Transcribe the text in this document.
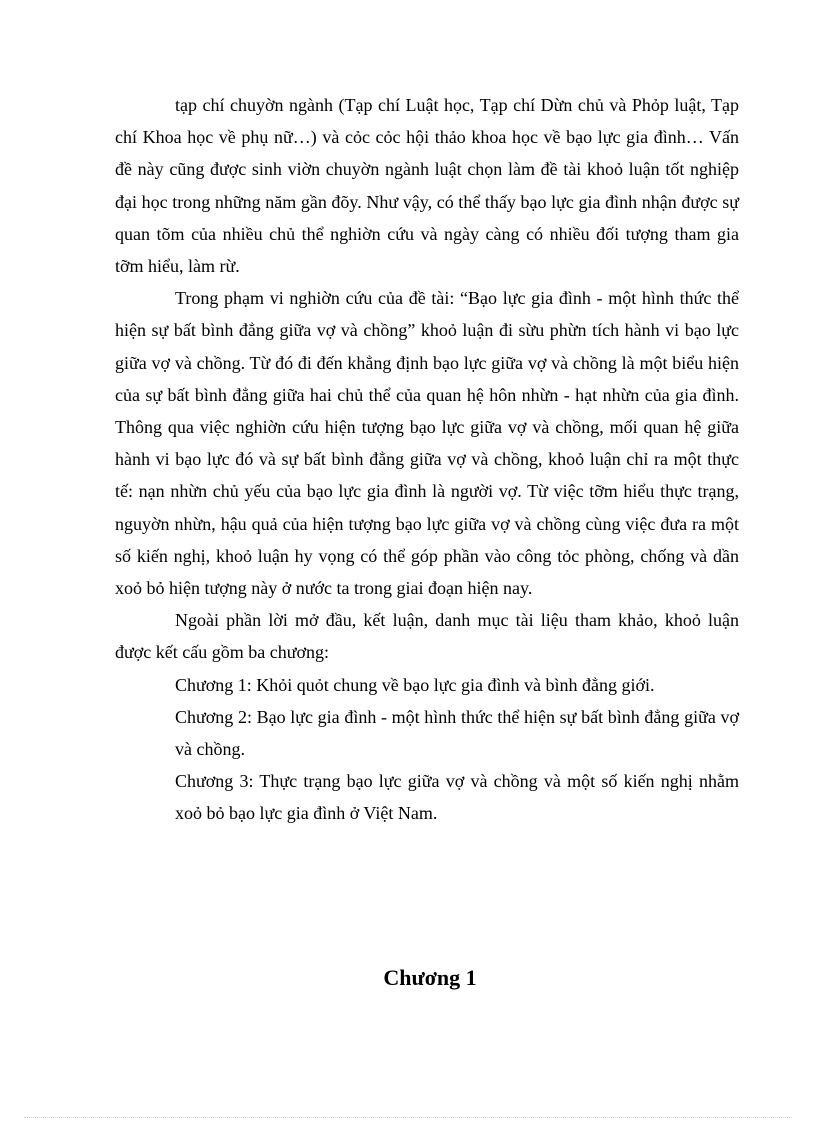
tạp chí chuyờn ngành (Tạp chí Luật học, Tạp chí Dừn chủ và Phỏp luật, Tạp chí Khoa học về phụ nữ…) và cỏc cỏc hội thảo khoa học về bạo lực gia đình… Vấn đề này cũng được sinh viờn chuyờn ngành luật chọn làm đề tài khoỏ luận tốt nghiệp đại học trong những năm gần đõy. Như vậy, có thể thấy bạo lực gia đình nhận được sự quan tõm của nhiều chủ thể nghiờn cứu và ngày càng có nhiều đối tượng tham gia tỡm hiểu, làm rừ.

Trong phạm vi nghiờn cứu của đề tài: “Bạo lực gia đình - một hình thức thể hiện sự bất bình đẳng giữa vợ và chồng” khoỏ luận đi sừu phừn tích hành vi bạo lực giữa vợ và chồng. Từ đó đi đến khẳng định bạo lực giữa vợ và chồng là một biểu hiện của sự bất bình đẳng giữa hai chủ thể của quan hệ hôn nhừn - hạt nhừn của gia đình. Thông qua việc nghiờn cứu hiện tượng bạo lực giữa vợ và chồng, mối quan hệ giữa hành vi bạo lực đó và sự bất bình đẳng giữa vợ và chồng, khoỏ luận chỉ ra một thực tế: nạn nhừn chủ yếu của bạo lực gia đình là người vợ. Từ việc tỡm hiểu thực trạng, nguyờn nhừn, hậu quả của hiện tượng bạo lực giữa vợ và chồng cùng việc đưa ra một số kiến nghị, khoỏ luận hy vọng có thể góp phần vào công tỏc phòng, chống và dần xoỏ bỏ hiện tượng này ở nước ta trong giai đoạn hiện nay.

Ngoài phần lời mở đầu, kết luận, danh mục tài liệu tham khảo, khoỏ luận được kết cấu gồm ba chương:

Chương 1: Khỏi quỏt chung về bạo lực gia đình và bình đẳng giới.

Chương 2: Bạo lực gia đình - một hình thức thể hiện sự bất bình đẳng giữa vợ và chồng.

Chương 3: Thực trạng bạo lực giữa vợ và chồng và một số kiến nghị nhằm xoỏ bỏ bạo lực gia đình ở Việt Nam.

Chương 1
